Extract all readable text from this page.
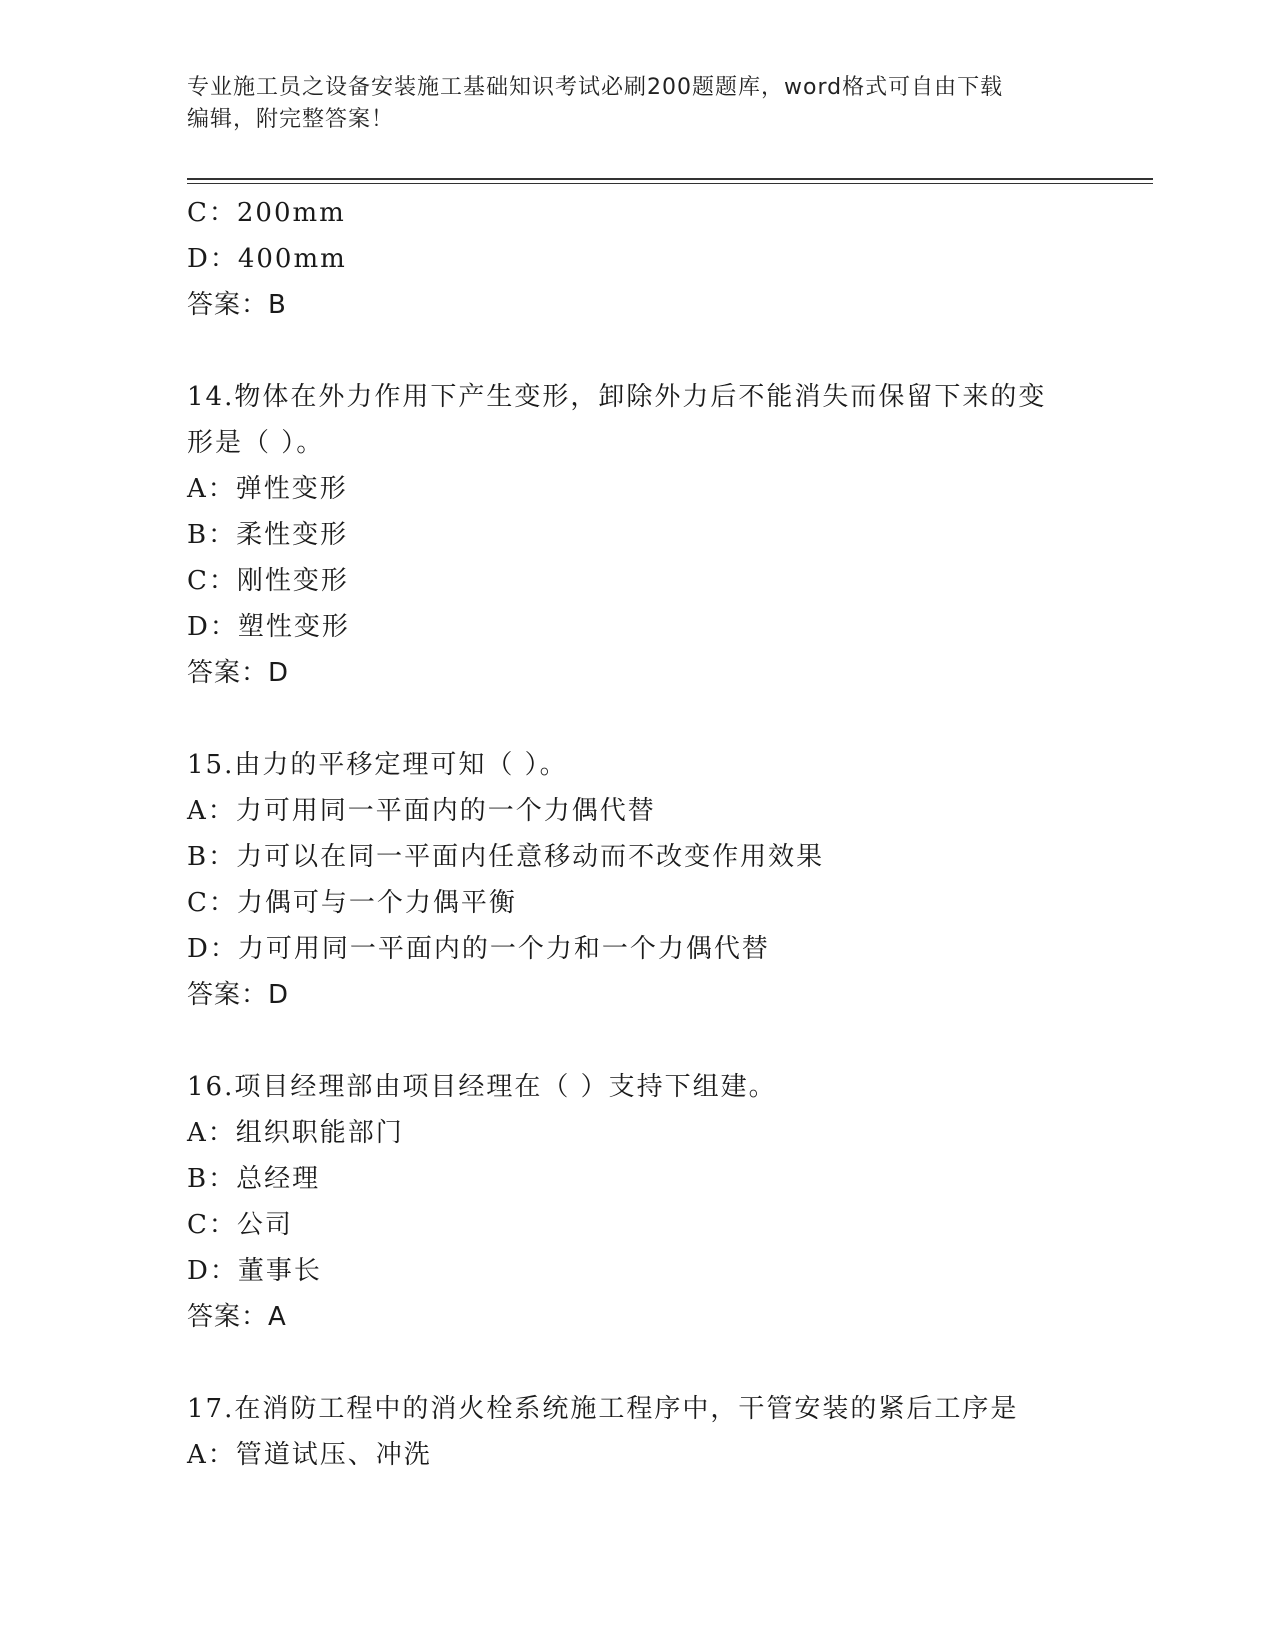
专业施工员之设备安装施工基础知识考试必刷200题题库，word格式可自由下载
编辑，附完整答案！
C：200mm
D：400mm
答案：B
14.物体在外力作用下产生变形，卸除外力后不能消失而保留下来的变
形是（ ）。
A：弹性变形
B：柔性变形
C：刚性变形
D：塑性变形
答案：D
15.由力的平移定理可知（ ）。
A：力可用同一平面内的一个力偶代替
B：力可以在同一平面内任意移动而不改变作用效果
C：力偶可与一个力偶平衡
D：力可用同一平面内的一个力和一个力偶代替
答案：D
16.项目经理部由项目经理在（ ）支持下组建。
A：组织职能部门
B：总经理
C：公司
D：董事长
答案：A
17.在消防工程中的消火栓系统施工程序中，干管安装的紧后工序是
A：管道试压、冲洗
